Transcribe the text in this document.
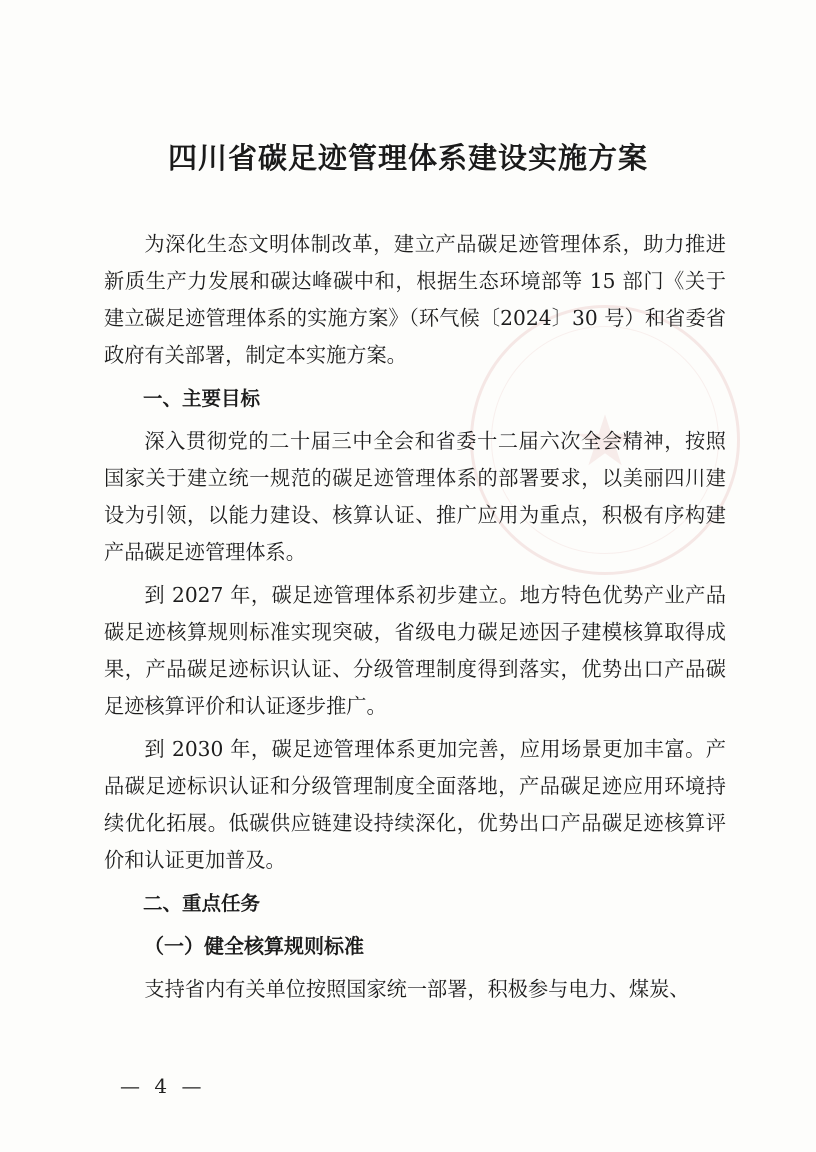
★
四川省碳足迹管理体系建设实施方案

为深化生态文明体制改革，建立产品碳足迹管理体系，助力推进新质生产力发展和碳达峰碳中和，根据生态环境部等 15 部门《关于建立碳足迹管理体系的实施方案》（环气候〔2024〕30 号）和省委省政府有关部署，制定本实施方案。

一、主要目标

深入贯彻党的二十届三中全会和省委十二届六次全会精神，按照国家关于建立统一规范的碳足迹管理体系的部署要求，以美丽四川建设为引领，以能力建设、核算认证、推广应用为重点，积极有序构建产品碳足迹管理体系。

到 2027 年，碳足迹管理体系初步建立。地方特色优势产业产品碳足迹核算规则标准实现突破，省级电力碳足迹因子建模核算取得成果，产品碳足迹标识认证、分级管理制度得到落实，优势出口产品碳足迹核算评价和认证逐步推广。

到 2030 年，碳足迹管理体系更加完善，应用场景更加丰富。产品碳足迹标识认证和分级管理制度全面落地，产品碳足迹应用环境持续优化拓展。低碳供应链建设持续深化，优势出口产品碳足迹核算评价和认证更加普及。

二、重点任务

（一）健全核算规则标准

支持省内有关单位按照国家统一部署，积极参与电力、煤炭、

— 4 —
